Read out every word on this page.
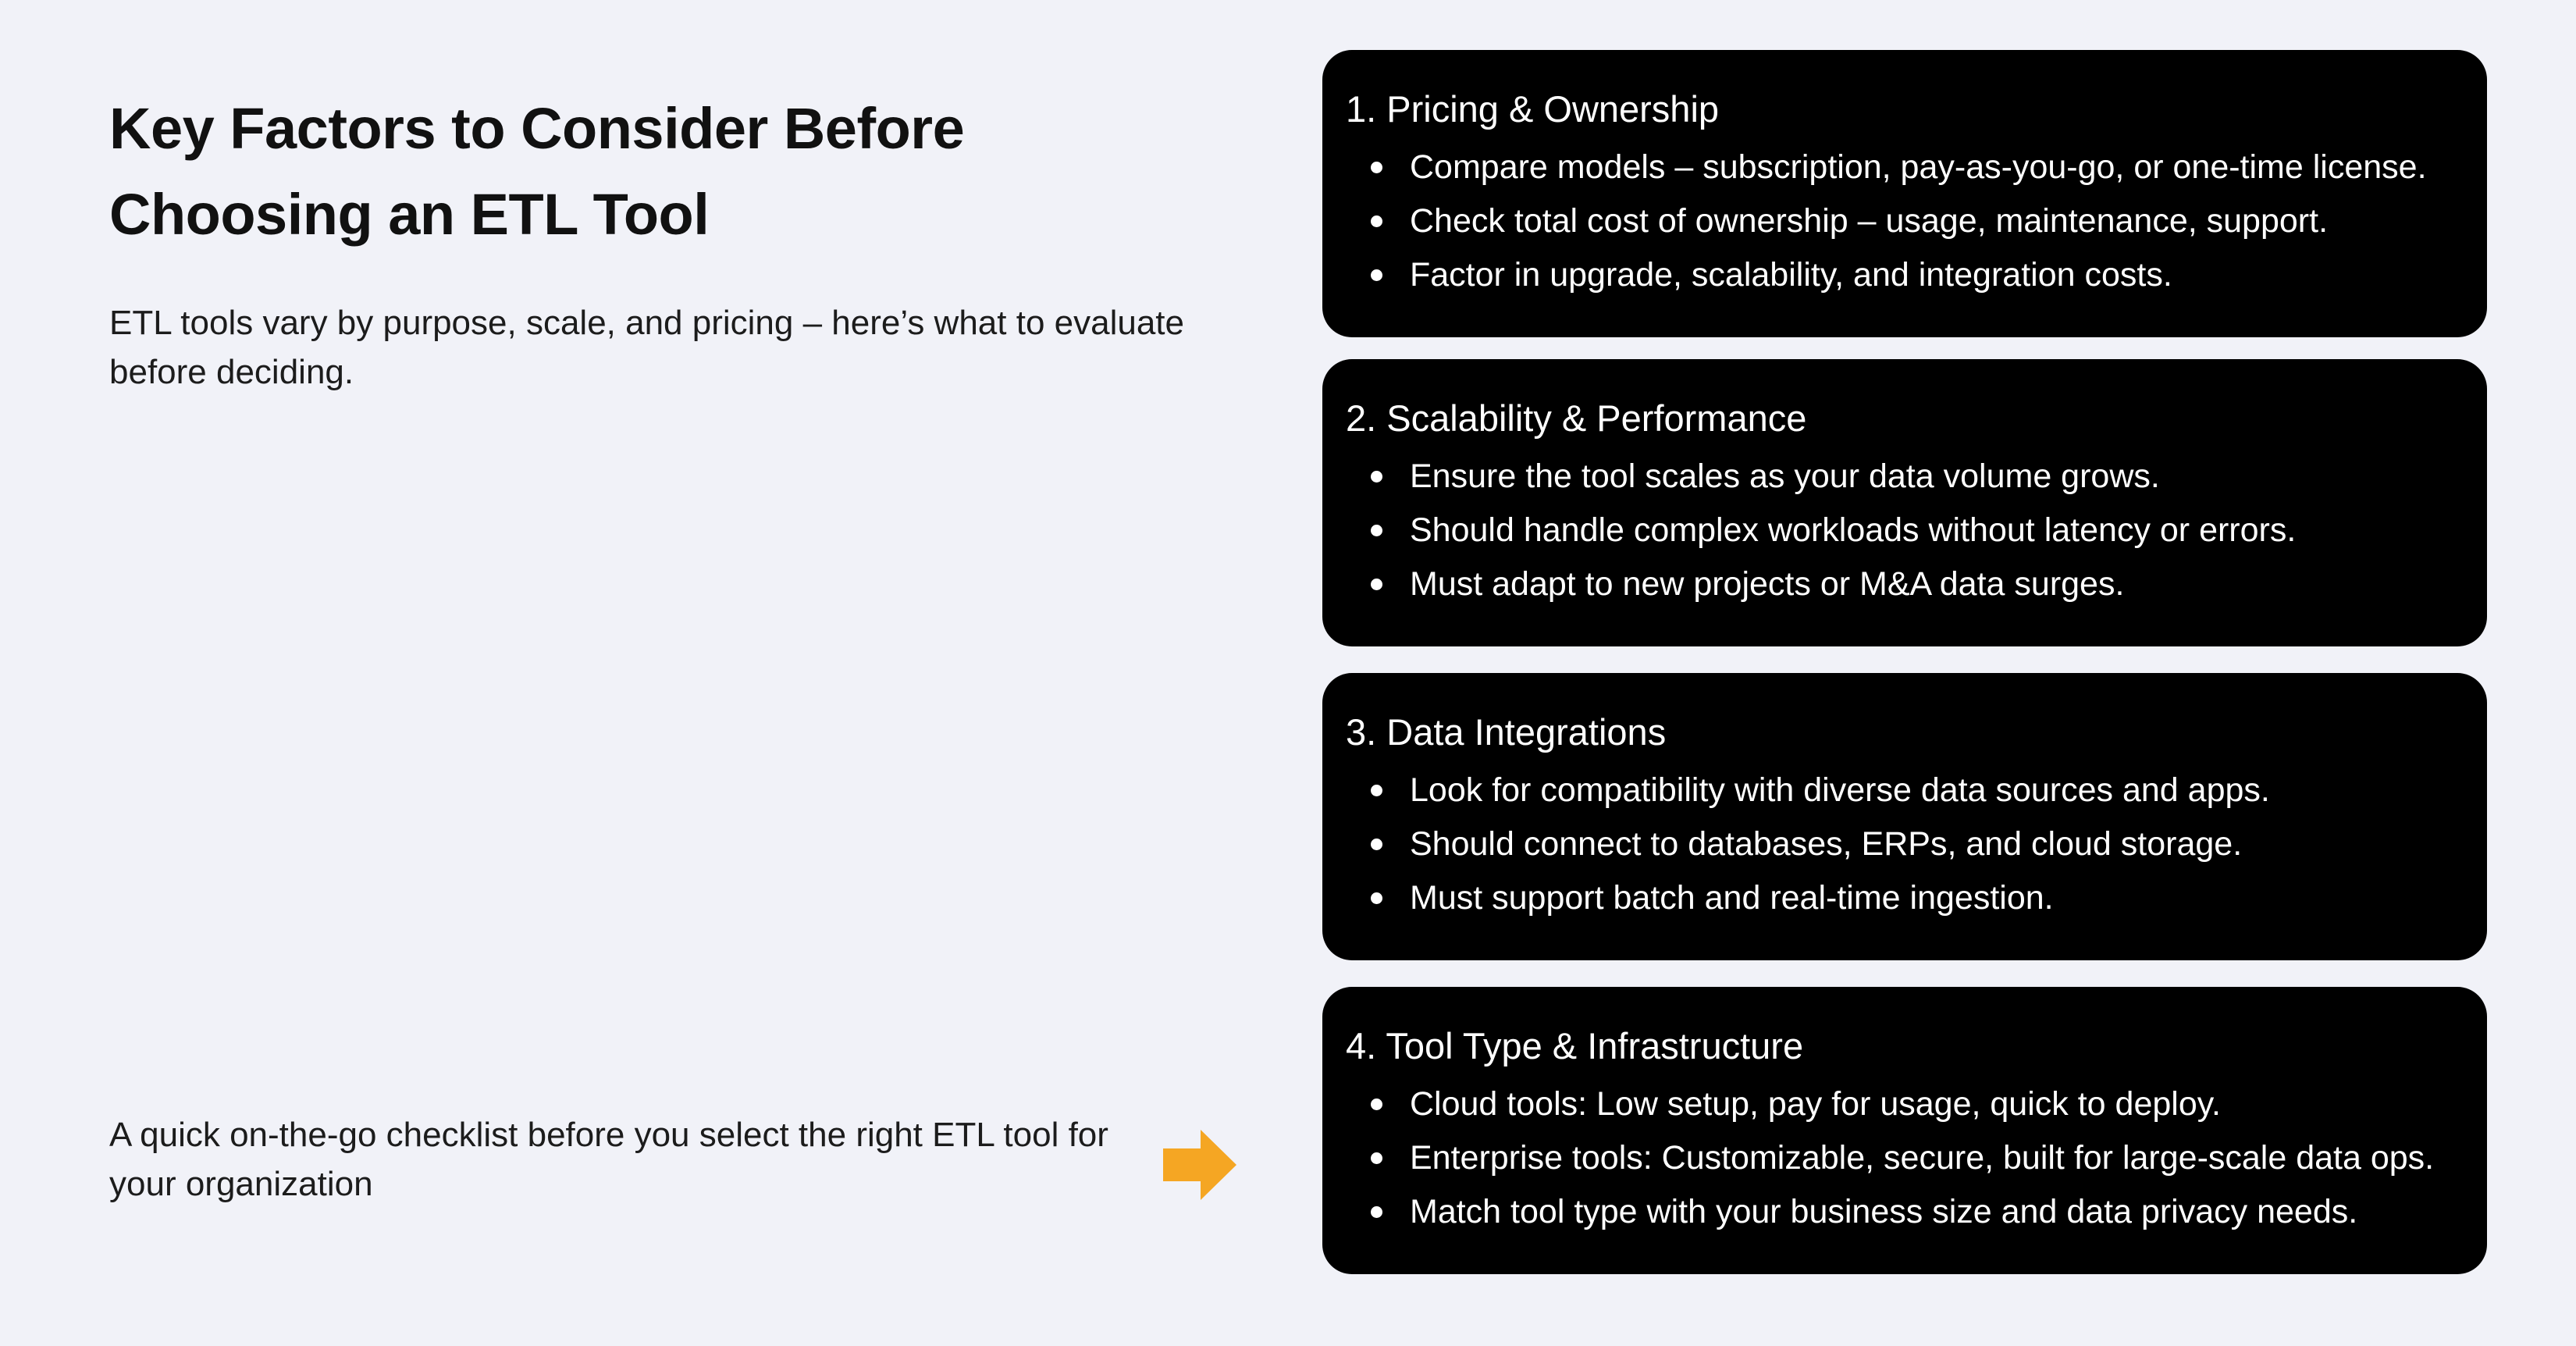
Key Factors to Consider Before Choosing an ETL Tool

ETL tools vary by purpose, scale, and pricing – here’s what to evaluate before deciding.

A quick on-the-go checklist before you select the right ETL tool for your organization

1. Pricing & Ownership
Compare models – subscription, pay-as-you-go, or one-time license.
Check total cost of ownership – usage, maintenance, support.
Factor in upgrade, scalability, and integration costs.
2. Scalability & Performance
Ensure the tool scales as your data volume grows.
Should handle complex workloads without latency or errors.
Must adapt to new projects or M&A data surges.
3. Data Integrations
Look for compatibility with diverse data sources and apps.
Should connect to databases, ERPs, and cloud storage.
Must support batch and real-time ingestion.
4. Tool Type & Infrastructure
Cloud tools: Low setup, pay for usage, quick to deploy.
Enterprise tools: Customizable, secure, built for large-scale data ops.
Match tool type with your business size and data privacy needs.
